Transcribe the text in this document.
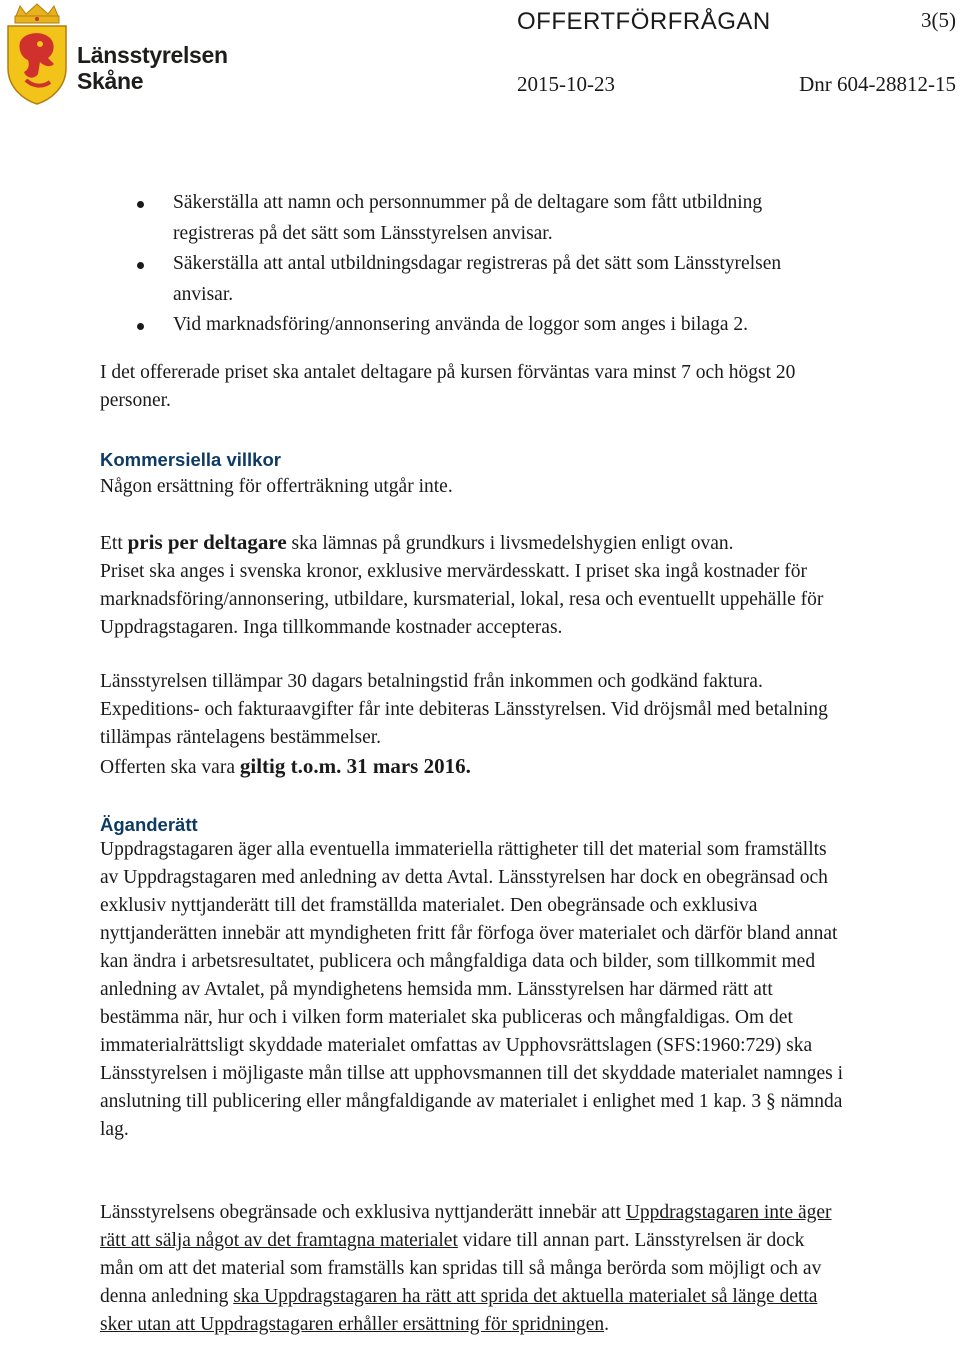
Länsstyrelsen
Skåne
OFFERTFÖRFRÅGAN	3(5)
2015-10-23	Dnr 604-28812-15
Säkerställa att namn och personnummer på de deltagare som fått utbildning registreras på det sätt som Länsstyrelsen anvisar.
Säkerställa att antal utbildningsdagar registreras på det sätt som Länsstyrelsen anvisar.
Vid marknadsföring/annonsering använda de loggor som anges i bilaga 2.

I det offererade priset ska antalet deltagare på kursen förväntas vara minst 7 och högst 20 personer.

Kommersiella villkor

Någon ersättning för offerträkning utgår inte.

Ett pris per deltagare ska lämnas på grundkurs i livsmedelshygien enligt ovan.
Priset ska anges i svenska kronor, exklusive mervärdesskatt. I priset ska ingå kostnader för marknadsföring/annonsering, utbildare, kursmaterial, lokal, resa och eventuellt uppehälle för Uppdragstagaren. Inga tillkommande kostnader accepteras.

Länsstyrelsen tillämpar 30 dagars betalningstid från inkommen och godkänd faktura. Expeditions- och fakturaavgifter får inte debiteras Länsstyrelsen. Vid dröjsmål med betalning tillämpas räntelagens bestämmelser.
Offerten ska vara giltig t.o.m. 31 mars 2016.

Äganderätt

Uppdragstagaren äger alla eventuella immateriella rättigheter till det material som framställts av Uppdragstagaren med anledning av detta Avtal. Länsstyrelsen har dock en obegränsad och exklusiv nyttjanderätt till det framställda materialet. Den obegränsade och exklusiva nyttjanderätten innebär att myndigheten fritt får förfoga över materialet och därför bland annat kan ändra i arbetsresultatet, publicera och mångfaldiga data och bilder, som tillkommit med anledning av Avtalet, på myndighetens hemsida mm. Länsstyrelsen har därmed rätt att bestämma när, hur och i vilken form materialet ska publiceras och mångfaldigas. Om det immaterialrättsligt skyddade materialet omfattas av Upphovsrättslagen (SFS:1960:729) ska Länsstyrelsen i möjligaste mån tillse att upphovsmannen till det skyddade materialet namnges i anslutning till publicering eller mångfaldigande av materialet i enlighet med 1 kap. 3 § nämnda lag.

Länsstyrelsens obegränsade och exklusiva nyttjanderätt innebär att Uppdragstagaren inte äger rätt att sälja något av det framtagna materialet vidare till annan part. Länsstyrelsen är dock mån om att det material som framställs kan spridas till så många berörda som möjligt och av denna anledning ska Uppdragstagaren ha rätt att sprida det aktuella materialet så länge detta sker utan att Uppdragstagaren erhåller ersättning för spridningen.
